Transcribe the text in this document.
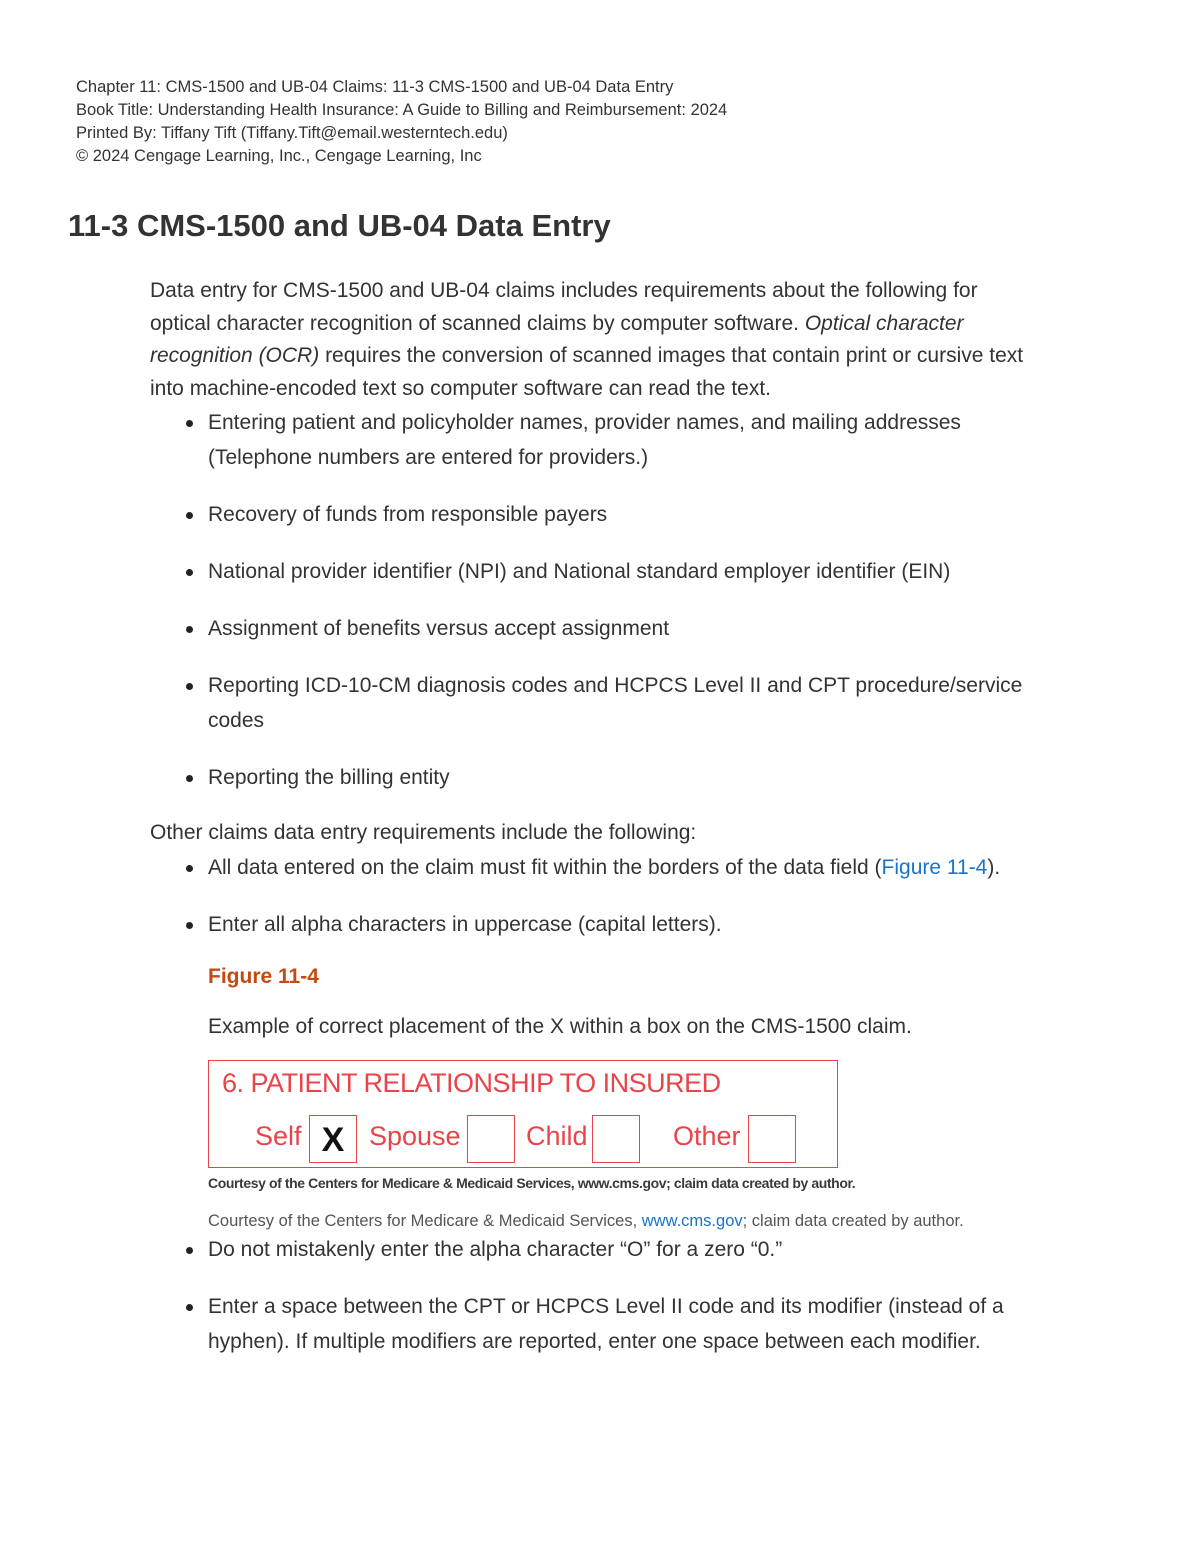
Chapter 11: CMS-1500 and UB-04 Claims: 11-3 CMS-1500 and UB-04 Data Entry
Book Title: Understanding Health Insurance: A Guide to Billing and Reimbursement: 2024
Printed By: Tiffany Tift (Tiffany.Tift@email.westerntech.edu)
© 2024 Cengage Learning, Inc., Cengage Learning, Inc
11-3 CMS-1500 and UB-04 Data Entry

Data entry for CMS-1500 and UB-04 claims includes requirements about the following for optical character recognition of scanned claims by computer software. Optical character recognition (OCR) requires the conversion of scanned images that contain print or cursive text into machine-encoded text so computer software can read the text.

Entering patient and policyholder names, provider names, and mailing addresses (Telephone numbers are entered for providers.)
Recovery of funds from responsible payers
National provider identifier (NPI) and National standard employer identifier (EIN)
Assignment of benefits versus accept assignment
Reporting ICD-10-CM diagnosis codes and HCPCS Level II and CPT procedure/service codes
Reporting the billing entity

Other claims data entry requirements include the following:

All data entered on the claim must fit within the borders of the data field (Figure 11-4).
Enter all alpha characters in uppercase (capital letters).
Figure 11-4
Example of correct placement of the X within a box on the CMS-1500 claim.
6. PATIENT RELATIONSHIP TO INSURED
Self X Spouse Child	Other
Courtesy of the Centers for Medicare & Medicaid Services, www.cms.gov; claim data created by author.
Courtesy of the Centers for Medicare & Medicaid Services, www.cms.gov; claim data created by author.
Do not mistakenly enter the alpha character “O” for a zero “0.”
Enter a space between the CPT or HCPCS Level II code and its modifier (instead of a hyphen). If multiple modifiers are reported, enter one space between each modifier.
